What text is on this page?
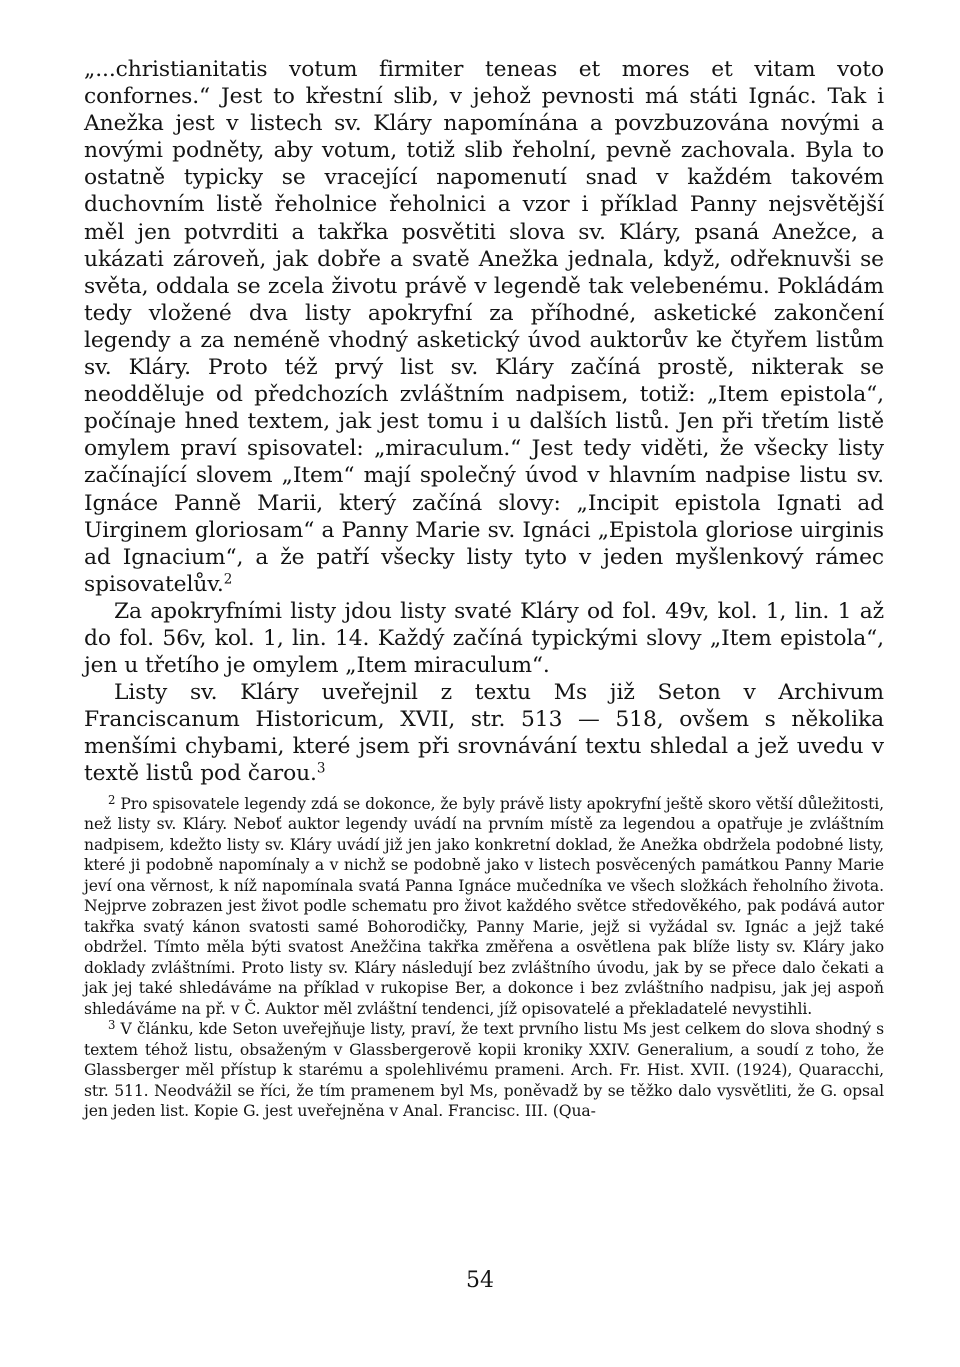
„...christianitatis votum firmiter teneas et mores et vitam voto confornes.“ Jest to křestní slib, v jehož pevnosti má státi Ignác. Tak i Anežka jest v listech sv. Kláry napomínána a povzbuzována novými a novými podněty, aby votum, totiž slib řeholní, pevně zachovala. Byla to ostatně typicky se vracející napomenutí snad v každém takovém duchovním listě řeholnice řeholnici a vzor i příklad Panny nejsvětější měl jen potvrditi a takřka posvětiti slova sv. Kláry, psaná Anežce, a ukázati zároveň, jak dobře a svatě Anežka jednala, když, odřeknuvši se světa, oddala se zcela životu právě v legendě tak velebenému. Pokládám tedy vložené dva listy apokryfní za příhodné, asketické zakončení legendy a za neméně vhodný asketický úvod auktorův ke čtyřem listům sv. Kláry. Proto též prvý list sv. Kláry začíná prostě, nikterak se neodděluje od předchozích zvláštním nadpisem, totiž: „Item epistola“, počínaje hned textem, jak jest tomu i u dalších listů. Jen při třetím listě omylem praví spisovatel: „miraculum.“ Jest tedy viděti, že všecky listy začínající slovem „Item“ mají společný úvod v hlavním nadpise listu sv. Ignáce Panně Marii, který začíná slovy: „Incipit epistola Ignati ad Uirginem gloriosam“ a Panny Marie sv. Ignáci „Epistola gloriose uirginis ad Ignacium“, a že patří všecky listy tyto v jeden myšlenkový rámec spisovatelův.$^2$

Za apokryfními listy jdou listy svaté Kláry od fol. 49v, kol. 1, lin. 1 až do fol. 56v, kol. 1, lin. 14. Každý začíná typickými slovy „Item epistola“, jen u třetího je omylem „Item miraculum“.

Listy sv. Kláry uveřejnil z textu Ms již Seton v Archivum Franciscanum Historicum, XVII, str. 513 — 518, ovšem s několika menšími chybami, které jsem při srovnávání textu shledal a jež uvedu v textě listů pod čarou.$^3$

$^2$ Pro spisovatele legendy zdá se dokonce, že byly právě listy apokryfní ještě skoro větší důležitosti, než listy sv. Kláry. Neboť auktor legendy uvádí na prvním místě za legendou a opatřuje je zvláštním nadpisem, kdežto listy sv. Kláry uvádí již jen jako konkretní doklad, že Anežka obdržela podobné listy, které ji podobně napomínaly a v nichž se podobně jako v listech posvěcených památkou Panny Marie jeví ona věrnost, k níž napomínala svatá Panna Ignáce mučedníka ve všech složkách řeholního života. Nejprve zobrazen jest život podle schematu pro život každého světce středověkého, pak podává autor takřka svatý kánon svatosti samé Bohorodičky, Panny Marie, jejž si vyžádal sv. Ignác a jejž také obdržel. Tímto měla býti svatost Anežčina takřka změřena a osvětlena pak blíže listy sv. Kláry jako doklady zvláštními. Proto listy sv. Kláry následují bez zvláštního úvodu, jak by se přece dalo čekati a jak jej také shledáváme na příklad v rukopise Ber, a dokonce i bez zvláštního nadpisu, jak jej aspoň shledáváme na př. v Č. Auktor měl zvláštní tendenci, jíž opisovatelé a překladatelé nevystihli.

$^3$ V článku, kde Seton uveřejňuje listy, praví, že text prvního listu Ms jest celkem do slova shodný s textem téhož listu, obsaženým v Glassbergerově kopii kroniky XXIV. Generalium, a soudí z toho, že Glassberger měl přístup k starému a spolehlivému prameni. Arch. Fr. Hist. XVII. (1924), Quaracchi, str. 511. Neodvážil se říci, že tím pramenem byl Ms, poněvadž by se těžko dalo vysvětliti, že G. opsal jen jeden list. Kopie G. jest uveřejněna v Anal. Francisc. III. (Qua-

54
